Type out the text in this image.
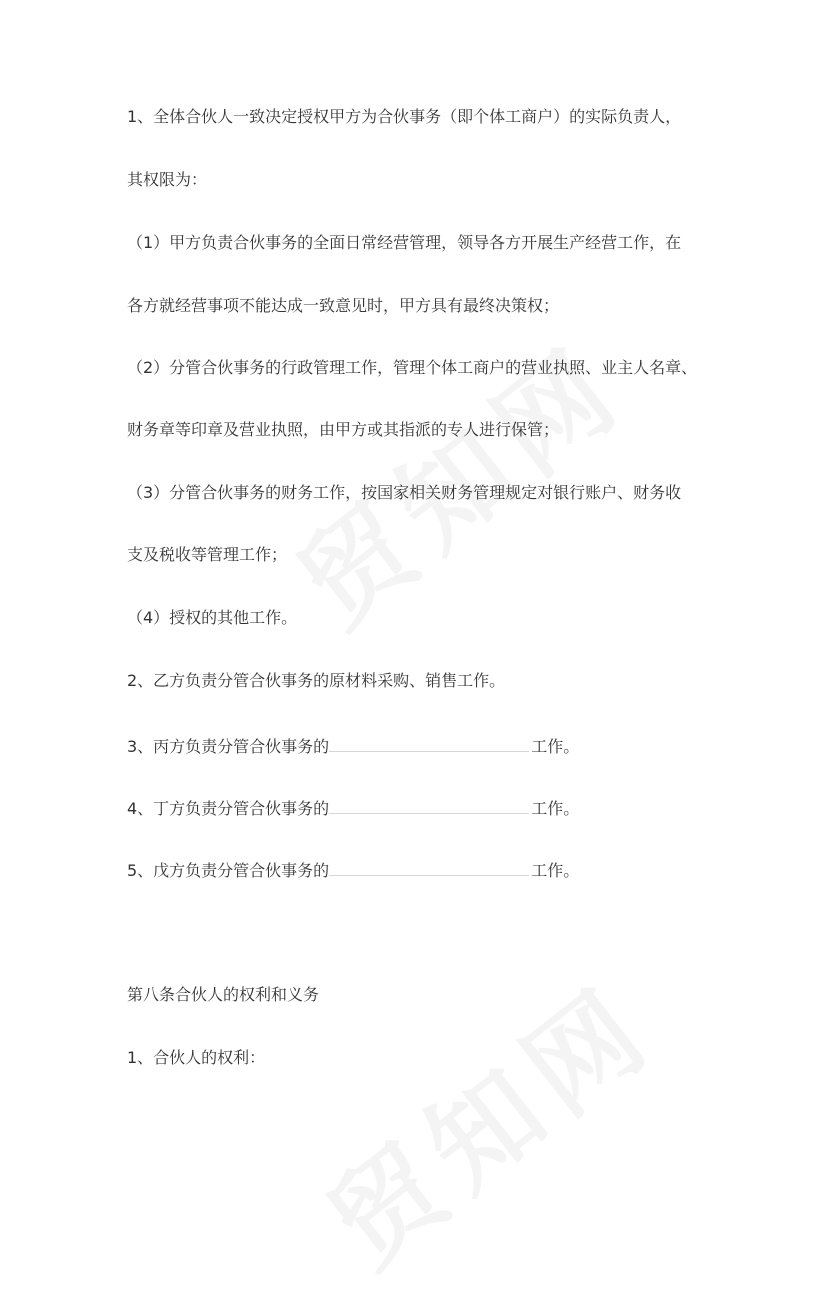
1、全体合伙人一致决定授权甲方为合伙事务（即个体工商户）的实际负责人，
其权限为：
（1）甲方负责合伙事务的全面日常经营管理，领导各方开展生产经营工作，在
各方就经营事项不能达成一致意见时，甲方具有最终决策权；
（2）分管合伙事务的行政管理工作，管理个体工商户的营业执照、业主人名章、
财务章等印章及营业执照，由甲方或其指派的专人进行保管；
（3）分管合伙事务的财务工作，按国家相关财务管理规定对银行账户、财务收
支及税收等管理工作；
（4）授权的其他工作。
2、乙方负责分管合伙事务的原材料采购、销售工作。
3、丙方负责分管合伙事务的	工作。
4、丁方负责分管合伙事务的	工作。
5、戊方负责分管合伙事务的	工作。
第八条合伙人的权利和义务
1、合伙人的权利：
